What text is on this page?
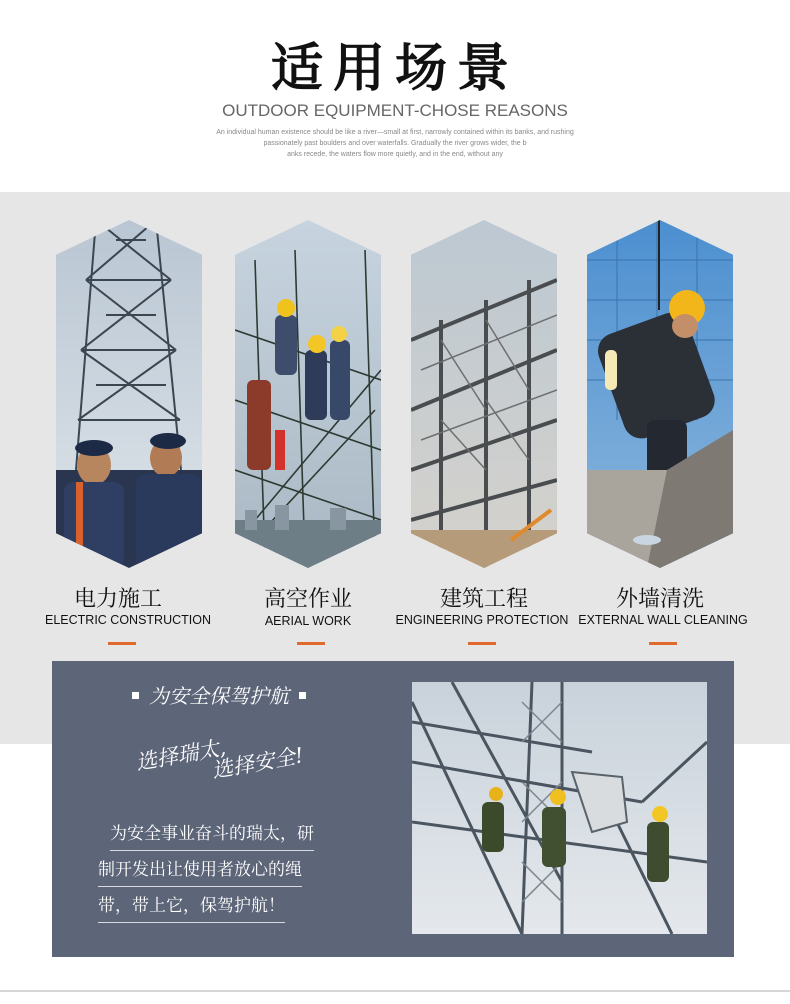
适用场景
OUTDOOR EQUIPMENT-CHOSE REASONS
An individual human existence should be like a river—small at first, narrowly contained within its banks, and rushing
passionately past boulders and over waterfalls. Gradually the river grows wider, the b
anks recede, the waters flow more quietly, and in the end, without any
电力施工
ELECTRIC CONSTRUCTION
高空作业
AERIAL WORK
建筑工程
ENGINEERING PROTECTION
外墙清洗
EXTERNAL WALL CLEANING
为安全保驾护航
选择瑞太,
选择安全!
为安全事业奋斗的瑞太，研
制开发出让使用者放心的绳
带，带上它，保驾护航！
